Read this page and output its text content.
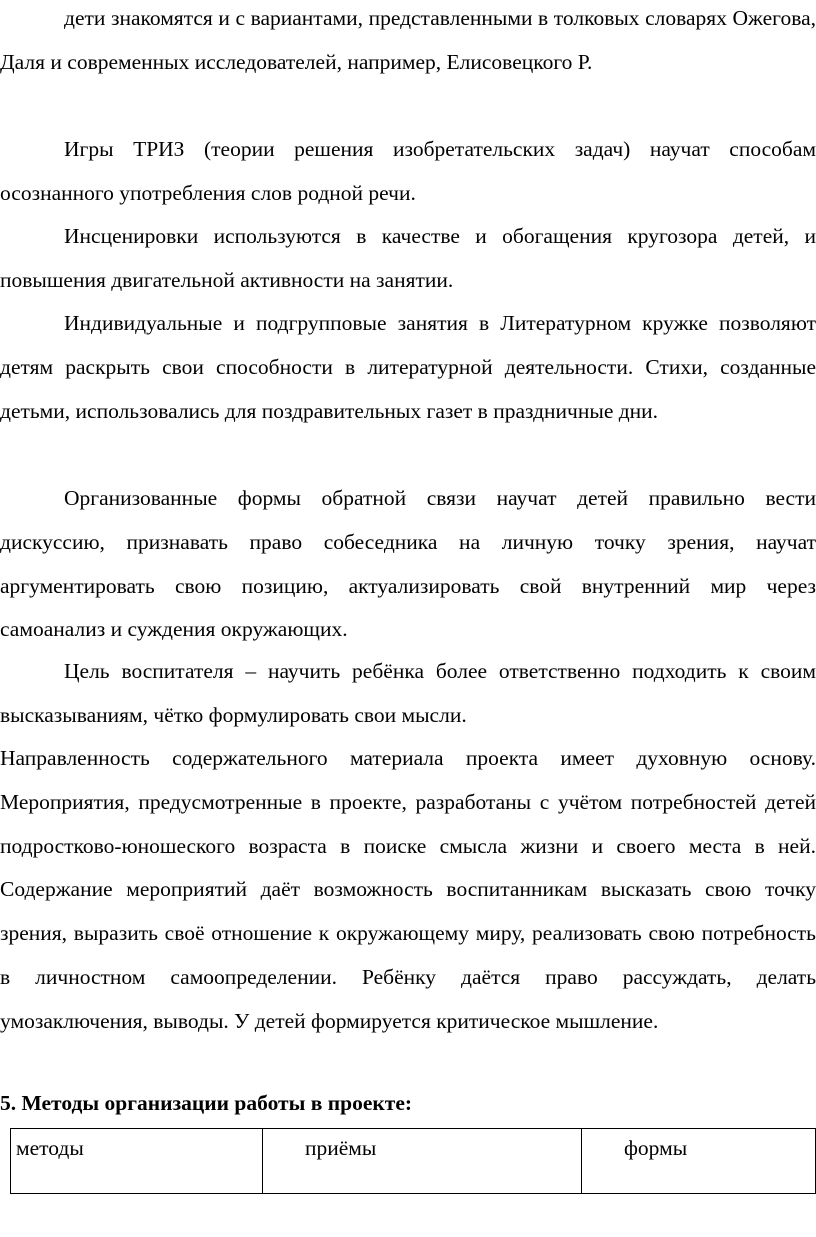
дети знакомятся и с вариантами, представленными в толковых словарях Ожегова, Даля и современных исследователей, например, Елисовецкого Р.

Игры ТРИЗ (теории решения изобретательских задач) научат способам осознанного употребления слов родной речи.

Инсценировки используются в качестве и обогащения кругозора детей, и повышения двигательной активности на занятии.

Индивидуальные и подгрупповые занятия в Литературном кружке позволяют детям раскрыть свои способности в литературной деятельности. Стихи, созданные детьми, использовались для поздравительных газет в праздничные дни.

Организованные формы обратной связи научат детей правильно вести дискуссию, признавать право собеседника на личную точку зрения, научат аргументировать свою позицию, актуализировать свой внутренний мир через самоанализ и суждения окружающих.

Цель воспитателя – научить ребёнка более ответственно подходить к своим высказываниям, чётко формулировать свои мысли.

Направленность содержательного материала проекта имеет духовную основу. Мероприятия, предусмотренные в проекте, разработаны с учётом потребностей детей подростково-юношеского возраста в поиске смысла жизни и своего места в ней. Содержание мероприятий даёт возможность воспитанникам высказать свою точку зрения, выразить своё отношение к окружающему миру, реализовать свою потребность в личностном самоопределении. Ребёнку даётся право рассуждать, делать умозаключения, выводы. У детей формируется критическое мышление.

5. Методы организации работы в проекте:
методы	приёмы	формы
